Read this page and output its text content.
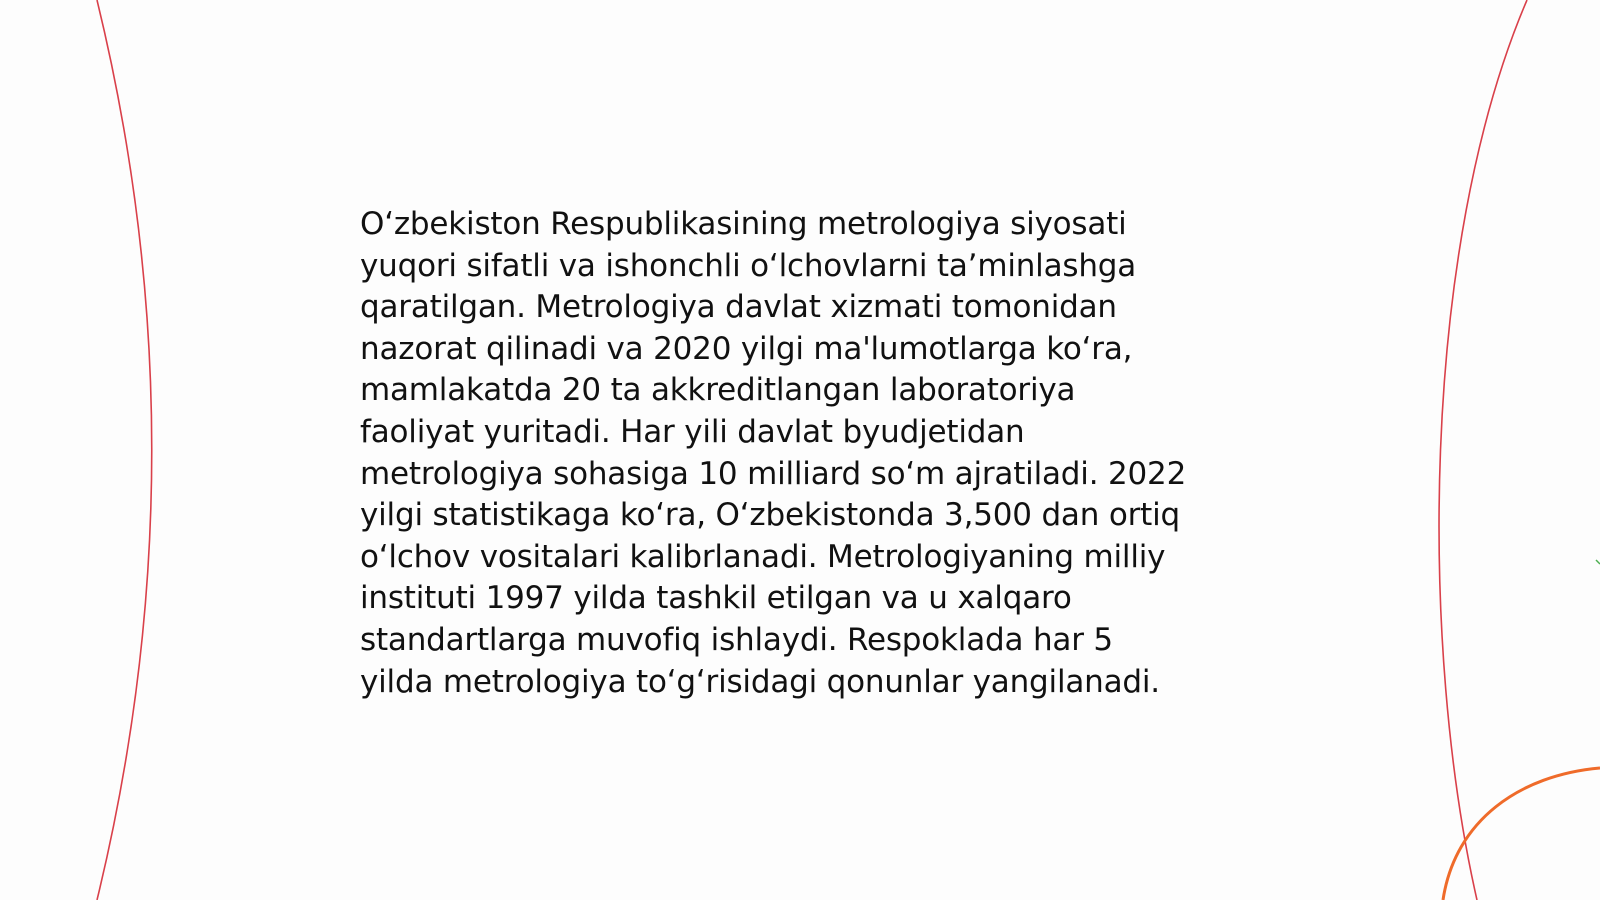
O‘zbekiston Respublikasining metrologiya siyosati
yuqori sifatli va ishonchli o‘lchovlarni ta’minlashga
qaratilgan. Metrologiya davlat xizmati tomonidan
nazorat qilinadi va 2020 yilgi ma'lumotlarga ko‘ra,
mamlakatda 20 ta akkreditlangan laboratoriya
faoliyat yuritadi. Har yili davlat byudjetidan
metrologiya sohasiga 10 milliard so‘m ajratiladi. 2022
yilgi statistikaga ko‘ra, O‘zbekistonda 3,500 dan ortiq
o‘lchov vositalari kalibrlanadi. Metrologiyaning milliy
instituti 1997 yilda tashkil etilgan va u xalqaro
standartlarga muvofiq ishlaydi. Respoklada har 5
yilda metrologiya to‘g‘risidagi qonunlar yangilanadi.
